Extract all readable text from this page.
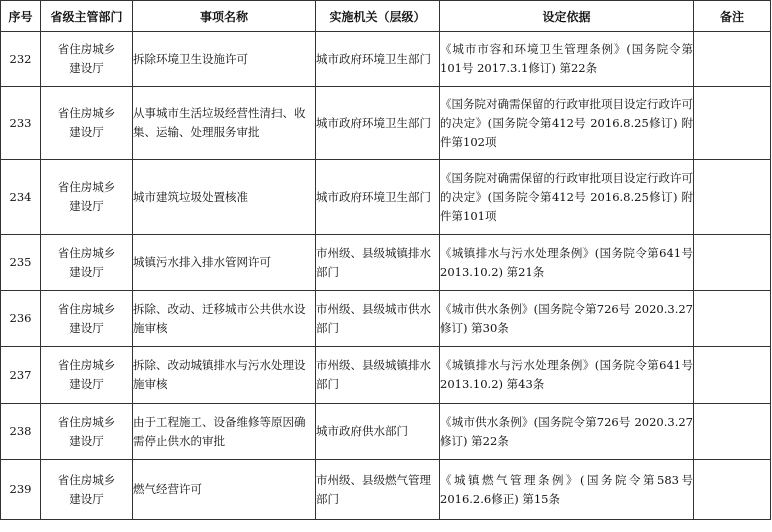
序号	省级主管部门	事项名称	实施机关（层级）	设定依据	备注
232	省住房城乡建设厅	拆除环境卫生设施许可	城市政府环境卫生部门	《城市市容和环境卫生管理条例》(国务院令第101号 2017.3.1修订) 第22条	
233	省住房城乡建设厅	从事城市生活垃圾经营性清扫、收集、运输、处理服务审批	城市政府环境卫生部门	《国务院对确需保留的行政审批项目设定行政许可的决定》(国务院令第412号 2016.8.25修订) 附件第102项	
234	省住房城乡建设厅	城市建筑垃圾处置核准	城市政府环境卫生部门	《国务院对确需保留的行政审批项目设定行政许可的决定》(国务院令第412号 2016.8.25修订) 附件第101项	
235	省住房城乡建设厅	城镇污水排入排水管网许可	市州级、县级城镇排水部门	《城镇排水与污水处理条例》(国务院令第641号 2013.10.2) 第21条	
236	省住房城乡建设厅	拆除、改动、迁移城市公共供水设施审核	市州级、县级城市供水部门	《城市供水条例》(国务院令第726号 2020.3.27修订) 第30条	
237	省住房城乡建设厅	拆除、改动城镇排水与污水处理设施审核	市州级、县级城镇排水部门	《城镇排水与污水处理条例》(国务院令第641号 2013.10.2) 第43条	
238	省住房城乡建设厅	由于工程施工、设备维修等原因确需停止供水的审批	城市政府供水部门	《城市供水条例》(国务院令第726号 2020.3.27修订) 第22条	
239	省住房城乡建设厅	燃气经营许可	市州级、县级燃气管理部门	《城镇燃气管理条例》(国务院令第583号 2016.2.6修正) 第15条	
